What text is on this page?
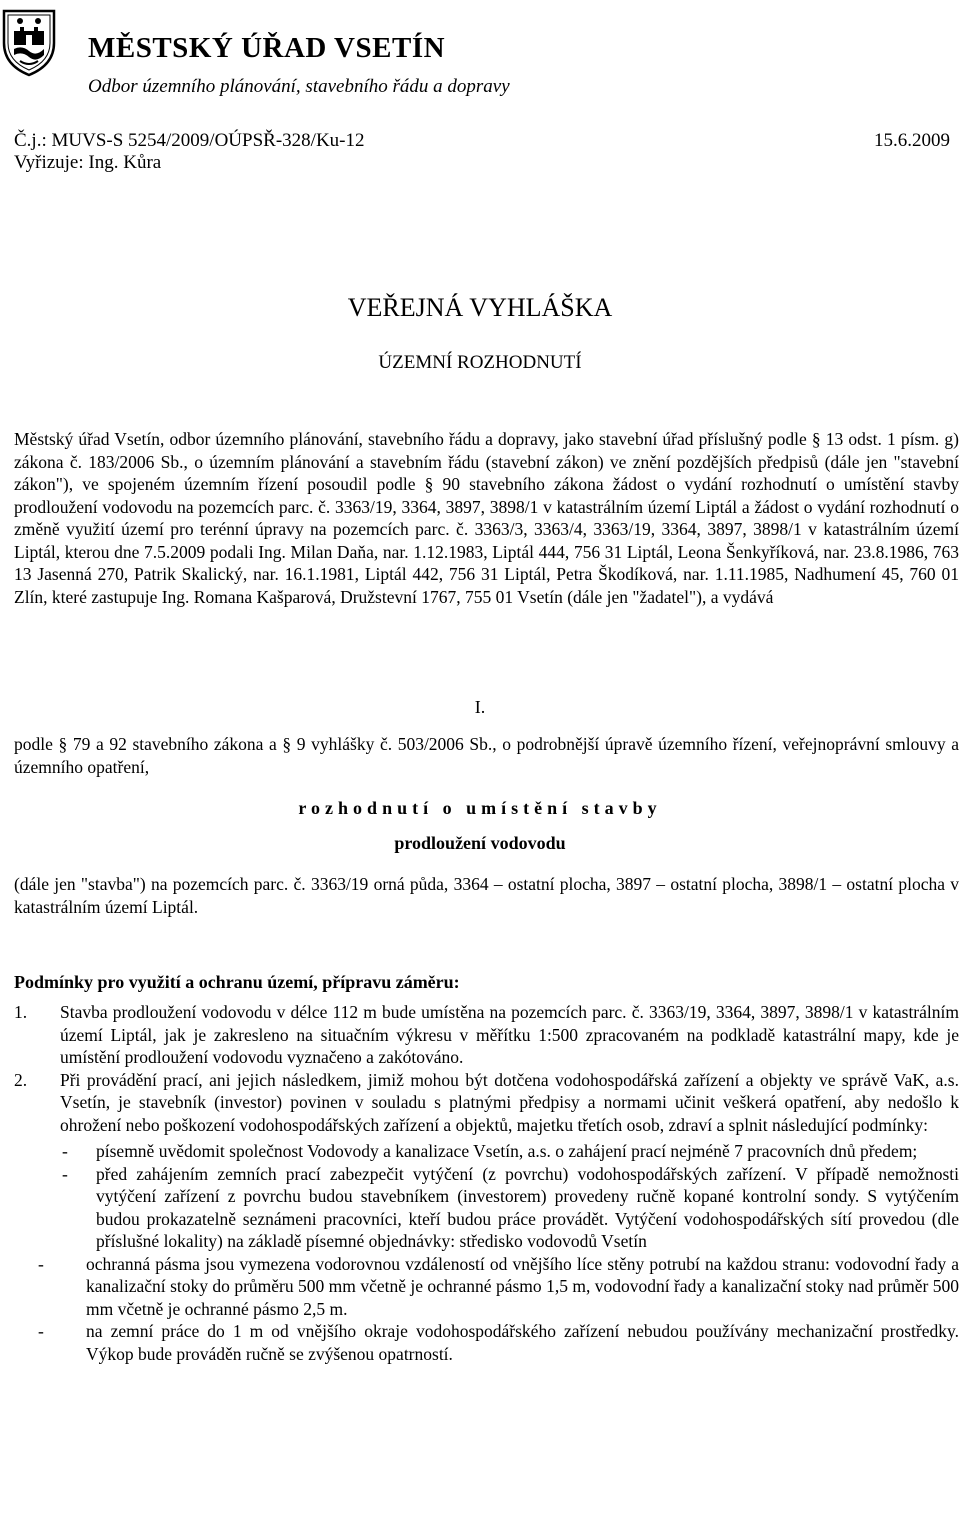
MĚSTSKÝ ÚŘAD VSETÍN
Odbor územního plánování, stavebního řádu a dopravy
Č.j.: MUVS-S 5254/2009/OÚPSŘ-328/Ku-12	15.6.2009
Vyřizuje: Ing. Kůra
VEŘEJNÁ VYHLÁŠKA
ÚZEMNÍ ROZHODNUTÍ

Městský úřad Vsetín, odbor územního plánování, stavebního řádu a dopravy, jako stavební úřad příslušný podle § 13 odst. 1 písm. g) zákona č. 183/2006 Sb., o územním plánování a stavebním řádu (stavební zákon) ve znění pozdějších předpisů (dále jen "stavební zákon"), ve spojeném územním řízení posoudil podle § 90 stavebního zákona žádost o vydání rozhodnutí o umístění stavby prodloužení vodovodu na pozemcích parc. č. 3363/19, 3364, 3897, 3898/1 v katastrálním území Liptál a žádost o vydání rozhodnutí o změně využití území pro terénní úpravy na pozemcích parc. č. 3363/3, 3363/4, 3363/19, 3364, 3897, 3898/1 v katastrálním území Liptál, kterou dne 7.5.2009 podali Ing. Milan Daňa, nar. 1.12.1983, Liptál 444, 756 31 Liptál, Leona Šenkyříková, nar. 23.8.1986, 763 13 Jasenná 270, Patrik Skalický, nar. 16.1.1981, Liptál 442, 756 31 Liptál, Petra Škodíková, nar. 1.11.1985, Nadhumení 45, 760 01 Zlín, které zastupuje Ing. Romana Kašparová, Družstevní 1767, 755 01 Vsetín (dále jen "žadatel"), a vydává

I.

podle § 79 a 92 stavebního zákona a § 9 vyhlášky č. 503/2006 Sb., o podrobnější úpravě územního řízení, veřejnoprávní smlouvy a územního opatření,

rozhodnutí o umístění stavby
prodloužení vodovodu

(dále jen "stavba") na pozemcích parc. č. 3363/19 orná půda, 3364 – ostatní plocha, 3897 – ostatní plocha, 3898/1 – ostatní plocha v katastrálním území Liptál.

Podmínky pro využití a ochranu území, přípravu záměru:
1.	Stavba prodloužení vodovodu v délce 112 m bude umístěna na pozemcích parc. č. 3363/19, 3364, 3897, 3898/1 v katastrálním území Liptál, jak je zakresleno na situačním výkresu v měřítku 1:500 zpracovaném na podkladě katastrální mapy, kde je umístění prodloužení vodovodu vyznačeno a zakótováno.
2.	Při provádění prací, ani jejich následkem, jimiž mohou být dotčena vodohospodářská zařízení a objekty ve správě VaK, a.s. Vsetín, je stavebník (investor) povinen v souladu s platnými předpisy a normami učinit veškerá opatření, aby nedošlo k ohrožení nebo poškození vodohospodářských zařízení a objektů, majetku třetích osob, zdraví a splnit následující podmínky:
-	písemně uvědomit společnost Vodovody a kanalizace Vsetín, a.s. o zahájení prací nejméně 7 pracovních dnů předem;
-	před zahájením zemních prací zabezpečit vytýčení (z povrchu) vodohospodářských zařízení. V případě nemožnosti vytýčení zařízení z povrchu budou stavebníkem (investorem) provedeny ručně kopané kontrolní sondy. S vytýčením budou prokazatelně seznámeni pracovníci, kteří budou práce provádět. Vytýčení vodohospodářských sítí provedou (dle příslušné lokality) na základě písemné objednávky: středisko vodovodů Vsetín
-	ochranná pásma jsou vymezena vodorovnou vzdáleností od vnějšího líce stěny potrubí na každou stranu: vodovodní řady a kanalizační stoky do průměru 500 mm včetně je ochranné pásmo 1,5 m, vodovodní řady a kanalizační stoky nad průměr 500 mm včetně je ochranné pásmo 2,5 m.
-	na zemní práce do 1 m od vnějšího okraje vodohospodářského zařízení nebudou používány mechanizační prostředky. Výkop bude prováděn ručně se zvýšenou opatrností.
